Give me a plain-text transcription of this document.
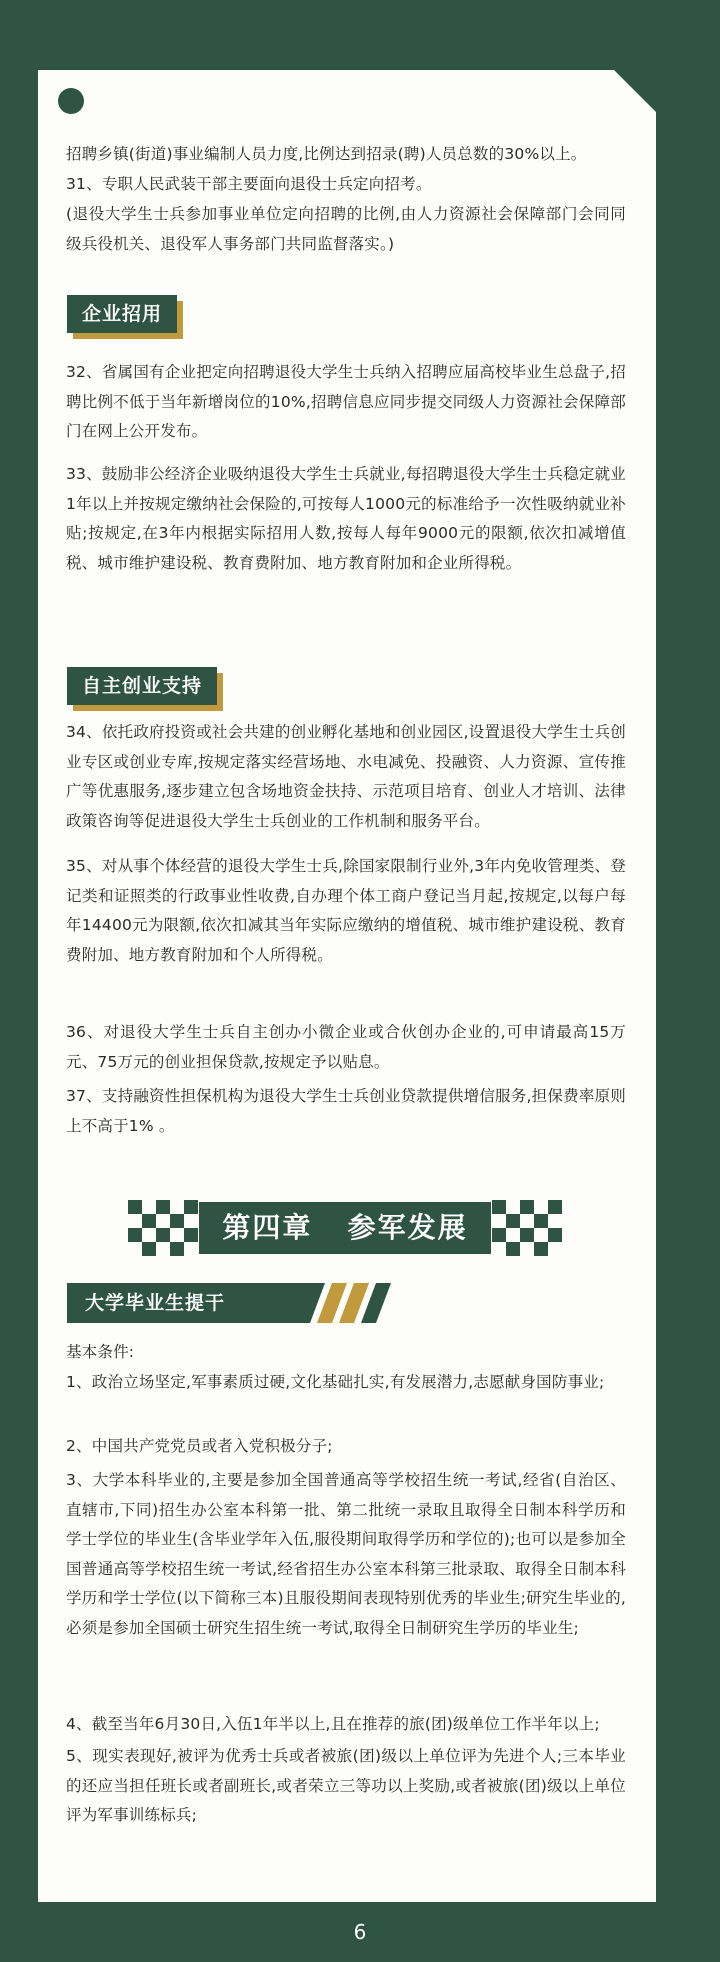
招聘乡镇(街道)事业编制人员力度,比例达到招录(聘)人员总数的30%以上。

31、专职人民武装干部主要面向退役士兵定向招考。

(退役大学生士兵参加事业单位定向招聘的比例,由人力资源社会保障部门会同同级兵役机关、退役军人事务部门共同监督落实。)

企业招用

32、省属国有企业把定向招聘退役大学生士兵纳入招聘应届高校毕业生总盘子,招聘比例不低于当年新增岗位的10%,招聘信息应同步提交同级人力资源社会保障部门在网上公开发布。

33、鼓励非公经济企业吸纳退役大学生士兵就业,每招聘退役大学生士兵稳定就业1年以上并按规定缴纳社会保险的,可按每人1000元的标准给予一次性吸纳就业补贴;按规定,在3年内根据实际招用人数,按每人每年9000元的限额,依次扣减增值税、城市维护建设税、教育费附加、地方教育附加和企业所得税。

自主创业支持

34、依托政府投资或社会共建的创业孵化基地和创业园区,设置退役大学生士兵创业专区或创业专库,按规定落实经营场地、水电减免、投融资、人力资源、宣传推广等优惠服务,逐步建立包含场地资金扶持、示范项目培育、创业人才培训、法律政策咨询等促进退役大学生士兵创业的工作机制和服务平台。

35、对从事个体经营的退役大学生士兵,除国家限制行业外,3年内免收管理类、登记类和证照类的行政事业性收费,自办理个体工商户登记当月起,按规定,以每户每年14400元为限额,依次扣减其当年实际应缴纳的增值税、城市维护建设税、教育费附加、地方教育附加和个人所得税。

36、对退役大学生士兵自主创办小微企业或合伙创办企业的,可申请最高15万元、75万元的创业担保贷款,按规定予以贴息。

37、支持融资性担保机构为退役大学生士兵创业贷款提供增信服务,担保费率原则上不高于1% 。

第四章   参军发展
大学毕业生提干

基本条件:

1、政治立场坚定,军事素质过硬,文化基础扎实,有发展潜力,志愿献身国防事业;

2、中国共产党党员或者入党积极分子;

3、大学本科毕业的,主要是参加全国普通高等学校招生统一考试,经省(自治区、直辖市,下同)招生办公室本科第一批、第二批统一录取且取得全日制本科学历和学士学位的毕业生(含毕业学年入伍,服役期间取得学历和学位的);也可以是参加全国普通高等学校招生统一考试,经省招生办公室本科第三批录取、取得全日制本科学历和学士学位(以下简称三本)且服役期间表现特别优秀的毕业生;研究生毕业的,必须是参加全国硕士研究生招生统一考试,取得全日制研究生学历的毕业生;

4、截至当年6月30日,入伍1年半以上,且在推荐的旅(团)级单位工作半年以上;

5、现实表现好,被评为优秀士兵或者被旅(团)级以上单位评为先进个人;三本毕业的还应当担任班长或者副班长,或者荣立三等功以上奖励,或者被旅(团)级以上单位评为军事训练标兵;

6
